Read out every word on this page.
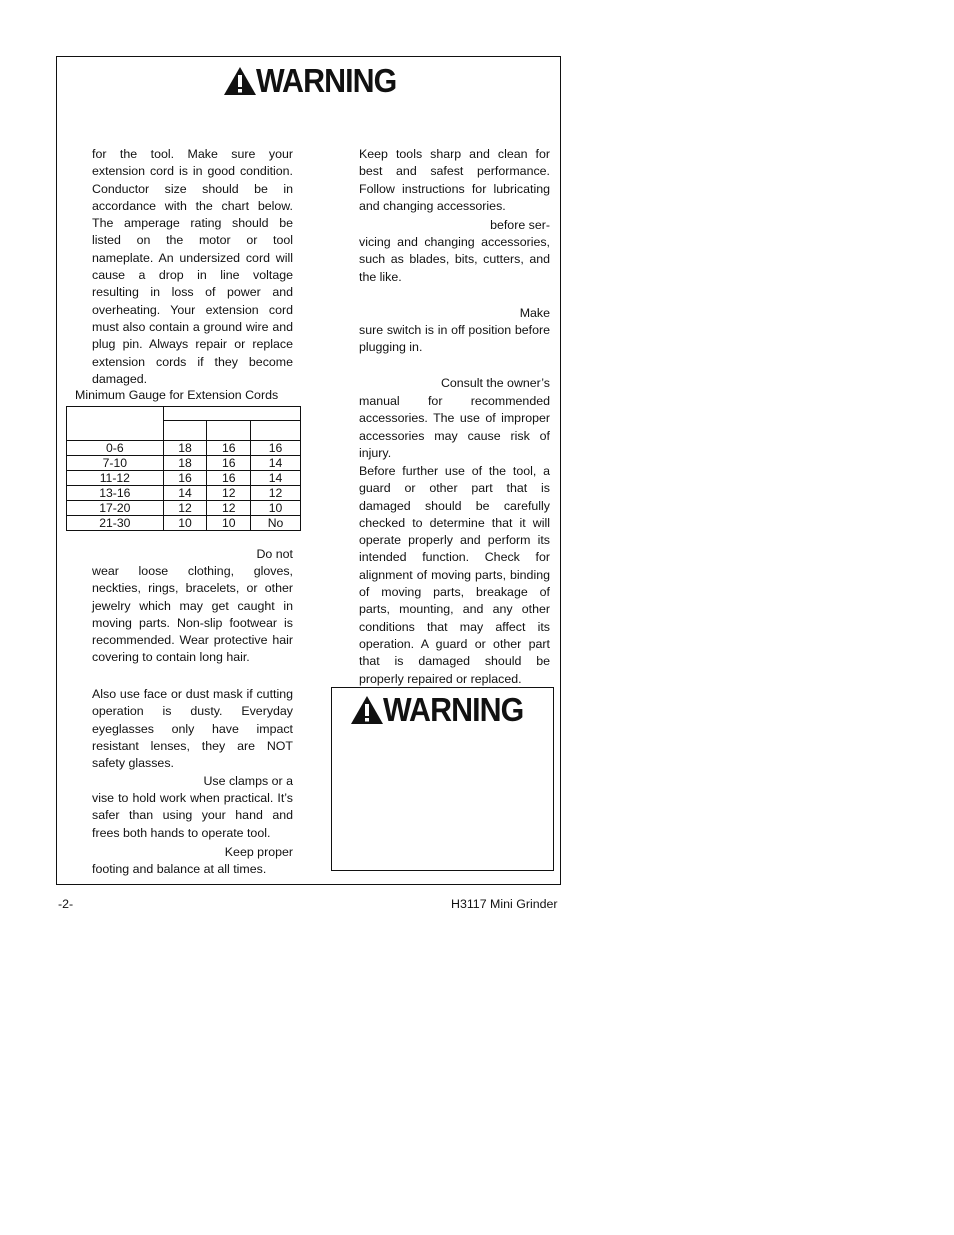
WARNING

for the tool. Make sure your extension cord is in good condition. Conductor size should be in accordance with the chart below. The amperage rating should be listed on the motor or tool nameplate. An undersized cord will cause a drop in line voltage resulting in loss of power and overheating. Your extension cord must also contain a ground wire and plug pin. Always repair or replace extension cords if they become damaged.

Minimum Gauge for Extension Cords

0-6	18	16	16
7-10	18	16	14
11-12	16	16	14
13-16	14	12	12
17-20	12	12	10
21-30	10	10	No

Do not

wear loose clothing, gloves, neckties, rings, bracelets, or other jewelry which may get caught in moving parts. Non-slip footwear is recommended. Wear protective hair covering to contain long hair.

Also use face or dust mask if cutting operation is dusty. Everyday eyeglasses only have impact resistant lenses, they are NOT safety glasses.

Use clamps or a

vise to hold work when practical. It’s safer than using your hand and frees both hands to operate tool.

Keep proper

footing and balance at all times.

Keep tools sharp and clean for best and safest performance. Follow instructions for lubricating and changing accessories.

before ser-

vicing and changing accessories, such as blades, bits, cutters, and the like.

Make

sure switch is in off position before plugging in.

Consult the owner’s

manual for recommended accessories. The use of improper accessories may cause risk of injury.

Before further use of the tool, a guard or other part that is damaged should be carefully checked to determine that it will operate properly and perform its intended function. Check for alignment of moving parts, binding of moving parts, breakage of parts, mounting, and any other conditions that may affect its operation. A guard or other part that is damaged should be properly repaired or replaced.

WARNING
-2-	H3117 Mini Grinder
